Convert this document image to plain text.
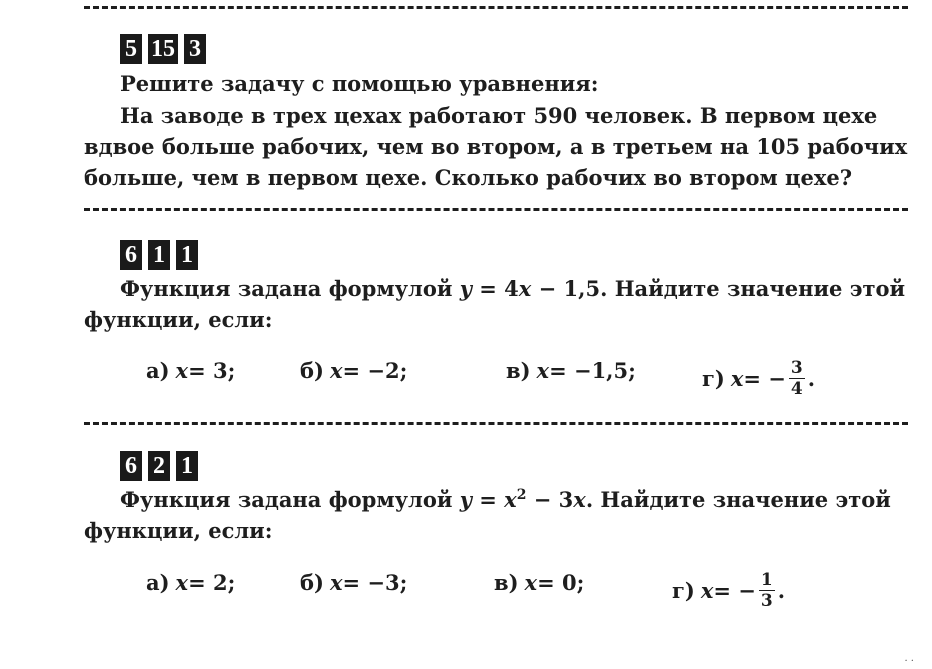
5 15 3

Решите задачу с помощью уравнения:

На заводе в трех цехах работают 590 человек. В первом цехе вдвое больше рабочих, чем во втором, а в третьем на 105 рабочих больше, чем в первом цехе. Сколько рабочих во втором цехе?

6 1 1

Функция задана формулой y = 4x − 1,5. Найдите значение этой функции, если:

а) x = 3;	б) x = −2;	в) x = −1,5;	г) x = − $\frac{3}{4}$ .
6 2 1

Функция задана формулой $y = x^2 - 3x$. Найдите значение этой функции, если:

а) x = 2;	б) x = −3;	в) x = 0;	г) x = − $\frac{1}{3}$ .
· ·
